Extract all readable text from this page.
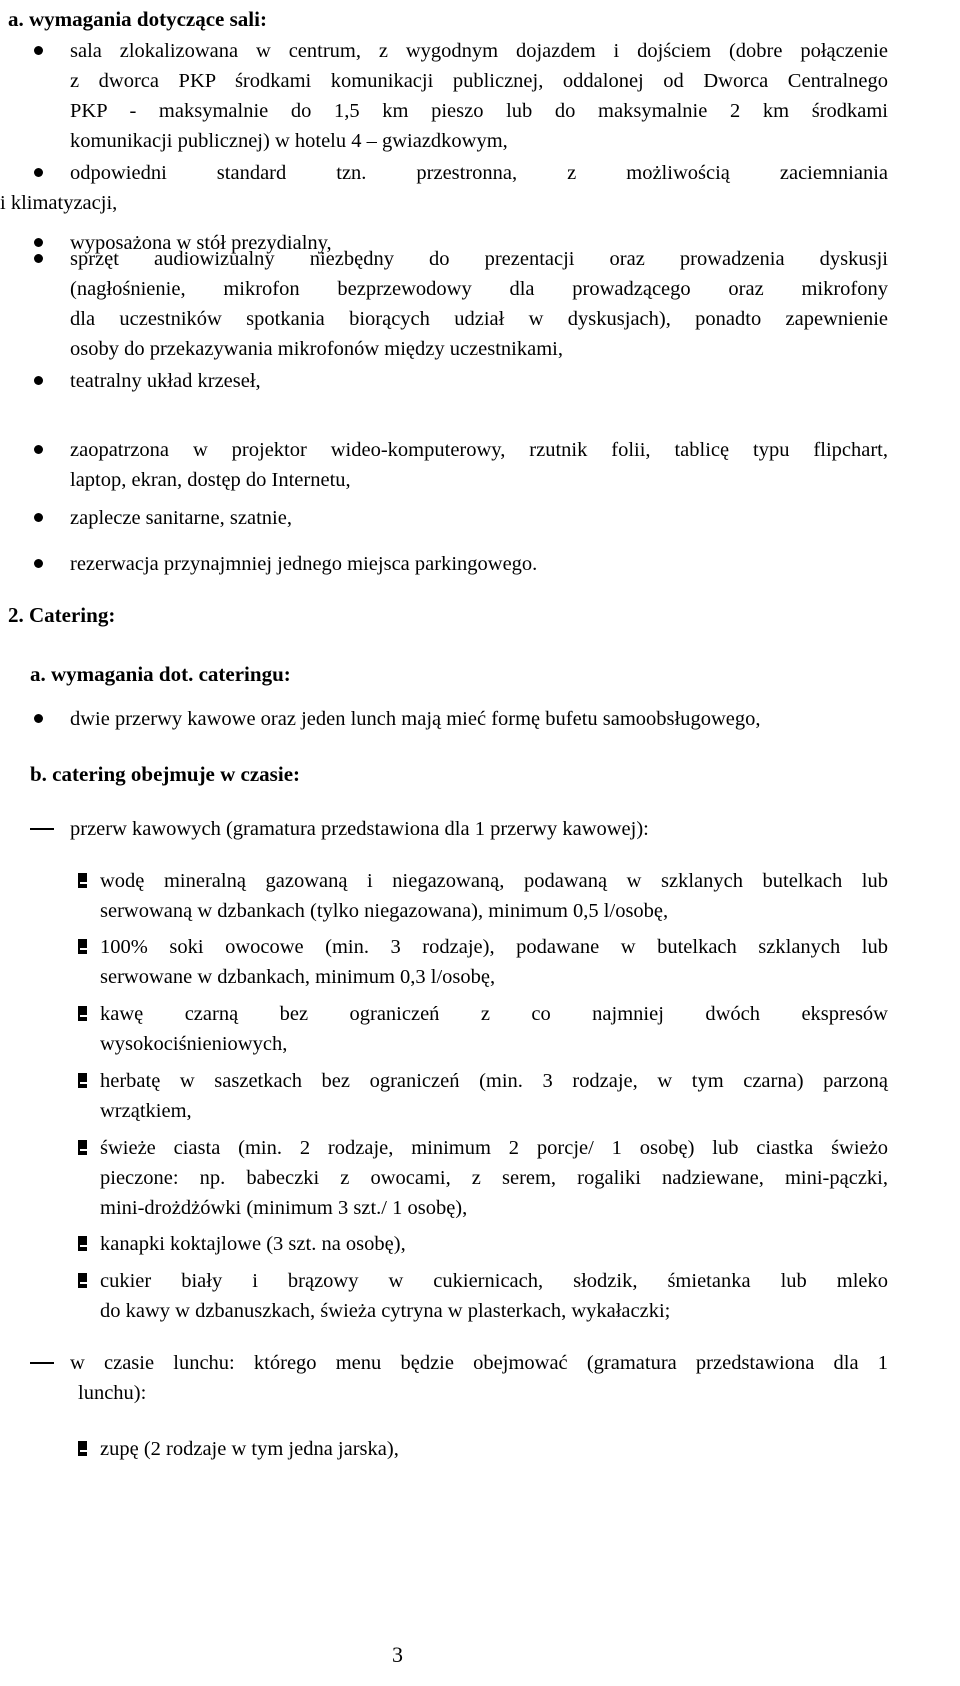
a. wymagania dotyczące sali:
sala zlokalizowana w centrum, z wygodnym dojazdem i dojściem (dobre połączenie
z dworca PKP środkami komunikacji publicznej, oddalonej od Dworca Centralnego
PKP - maksymalnie do 1,5 km pieszo lub do maksymalnie 2 km środkami
komunikacji publicznej) w hotelu 4 – gwiazdkowym,
odpowiedni standard tzn. przestronna, z możliwością zaciemniania
i klimatyzacji,
wyposażona w stół prezydialny,
sprzęt audiowizualny niezbędny do prezentacji oraz prowadzenia dyskusji
(nagłośnienie, mikrofon bezprzewodowy dla prowadzącego oraz mikrofony
dla uczestników spotkania biorących udział w dyskusjach), ponadto zapewnienie
osoby do przekazywania mikrofonów między uczestnikami,
teatralny układ krzeseł,
zaopatrzona w projektor wideo-komputerowy, rzutnik folii, tablicę typu flipchart,
laptop, ekran, dostęp do Internetu,
zaplecze sanitarne, szatnie,
rezerwacja przynajmniej jednego miejsca parkingowego.
2. Catering:
a. wymagania dot. cateringu:
dwie przerwy kawowe oraz jeden lunch mają mieć formę bufetu samoobsługowego,
b. catering obejmuje w czasie:
przerw kawowych (gramatura przedstawiona dla 1 przerwy kawowej):
wodę mineralną gazowaną i niegazowaną, podawaną w szklanych butelkach lub
serwowaną w dzbankach (tylko niegazowana), minimum 0,5 l/osobę,
100% soki owocowe (min. 3 rodzaje), podawane w butelkach szklanych lub
serwowane w dzbankach, minimum 0,3 l/osobę,
kawę czarną bez ograniczeń z co najmniej dwóch ekspresów
wysokociśnieniowych,
herbatę w saszetkach bez ograniczeń (min. 3 rodzaje, w tym czarna) parzoną
wrzątkiem,
świeże ciasta (min. 2 rodzaje, minimum 2 porcje/ 1 osobę) lub ciastka świeżo
pieczone: np. babeczki z owocami, z serem, rogaliki nadziewane, mini-pączki,
mini-drożdżówki (minimum 3 szt./ 1 osobę),
kanapki koktajlowe (3 szt. na osobę),
cukier biały i brązowy w cukiernicach, słodzik, śmietanka lub mleko
do kawy w dzbanuszkach, świeża cytryna w plasterkach, wykałaczki;
w czasie lunchu: którego menu będzie obejmować (gramatura przedstawiona dla 1
lunchu):
zupę (2 rodzaje w tym jedna jarska),
3
